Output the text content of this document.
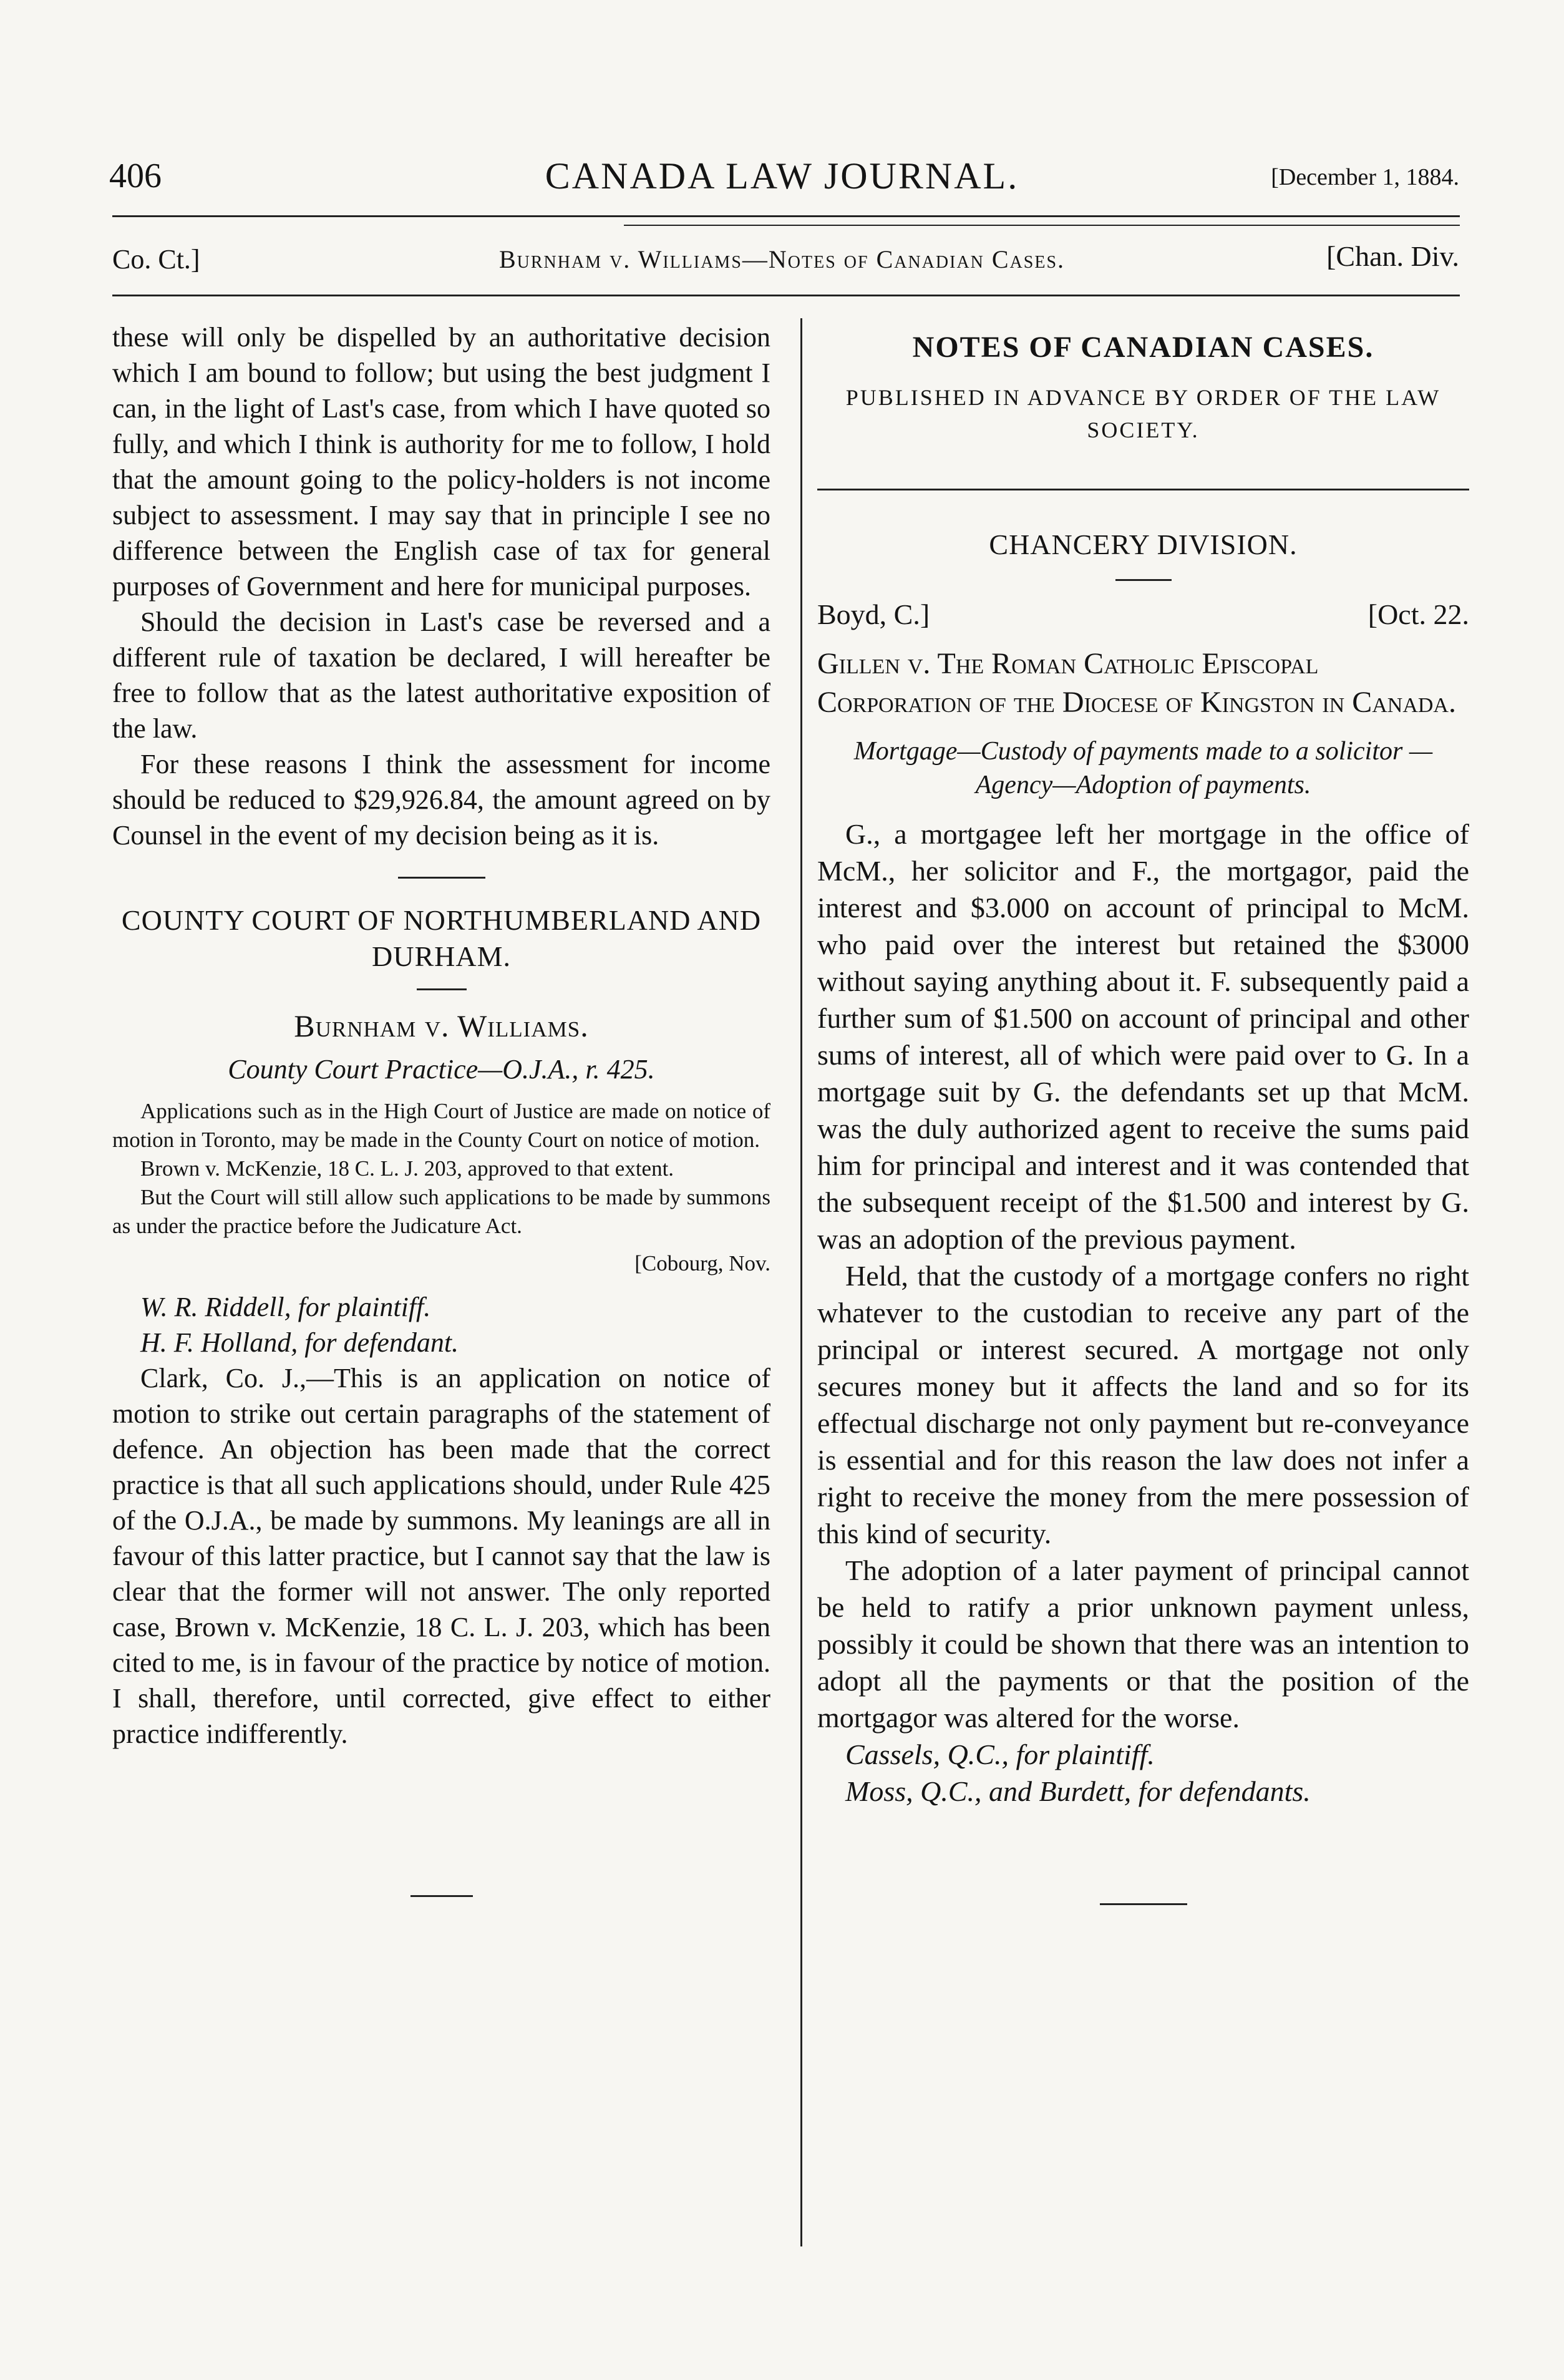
406	CANADA LAW JOURNAL.	[December 1, 1884.
Co. Ct.]	Burnham v. Williams—Notes of Canadian Cases.	[Chan. Div.

these will only be dispelled by an authoritative decision which I am bound to follow; but using the best judgment I can, in the light of Last's case, from which I have quoted so fully, and which I think is authority for me to follow, I hold that the amount going to the policy-holders is not income subject to assessment. I may say that in principle I see no difference between the English case of tax for general purposes of Government and here for municipal purposes.

Should the decision in Last's case be reversed and a different rule of taxation be declared, I will hereafter be free to follow that as the latest authoritative exposition of the law.

For these reasons I think the assessment for income should be reduced to $29,926.84, the amount agreed on by Counsel in the event of my decision being as it is.

COUNTY COURT OF NORTHUMBERLAND AND DURHAM.

Burnham v. Williams.

County Court Practice—O.J.A., r. 425.

Applications such as in the High Court of Justice are made on notice of motion in Toronto, may be made in the County Court on notice of motion.

Brown v. McKenzie, 18 C. L. J. 203, approved to that extent.

But the Court will still allow such applications to be made by summons as under the practice before the Judicature Act.

[Cobourg, Nov.

W. R. Riddell, for plaintiff.

H. F. Holland, for defendant.

Clark, Co. J.,—This is an application on notice of motion to strike out certain paragraphs of the statement of defence. An objection has been made that the correct practice is that all such applications should, under Rule 425 of the O.J.A., be made by summons. My leanings are all in favour of this latter practice, but I cannot say that the law is clear that the former will not answer. The only reported case, Brown v. McKenzie, 18 C. L. J. 203, which has been cited to me, is in favour of the practice by notice of motion. I shall, therefore, until corrected, give effect to either practice indifferently.

NOTES OF CANADIAN CASES.

PUBLISHED IN ADVANCE BY ORDER OF THE LAW SOCIETY.

CHANCERY DIVISION.

Boyd, C.]	[Oct. 22.

Gillen v. The Roman Catholic Episcopal Corporation of the Diocese of Kingston in Canada.

Mortgage—Custody of payments made to a solicitor —Agency—Adoption of payments.

G., a mortgagee left her mortgage in the office of McM., her solicitor and F., the mortgagor, paid the interest and $3.000 on account of principal to McM. who paid over the interest but retained the $3000 without saying anything about it. F. subsequently paid a further sum of $1.500 on account of principal and other sums of interest, all of which were paid over to G. In a mortgage suit by G. the defendants set up that McM. was the duly authorized agent to receive the sums paid him for principal and interest and it was contended that the subsequent receipt of the $1.500 and interest by G. was an adoption of the previous payment.

Held, that the custody of a mortgage confers no right whatever to the custodian to receive any part of the principal or interest secured. A mortgage not only secures money but it affects the land and so for its effectual discharge not only payment but re-conveyance is essential and for this reason the law does not infer a right to receive the money from the mere possession of this kind of security.

The adoption of a later payment of principal cannot be held to ratify a prior unknown payment unless, possibly it could be shown that there was an intention to adopt all the payments or that the position of the mortgagor was altered for the worse.

Cassels, Q.C., for plaintiff.

Moss, Q.C., and Burdett, for defendants.
